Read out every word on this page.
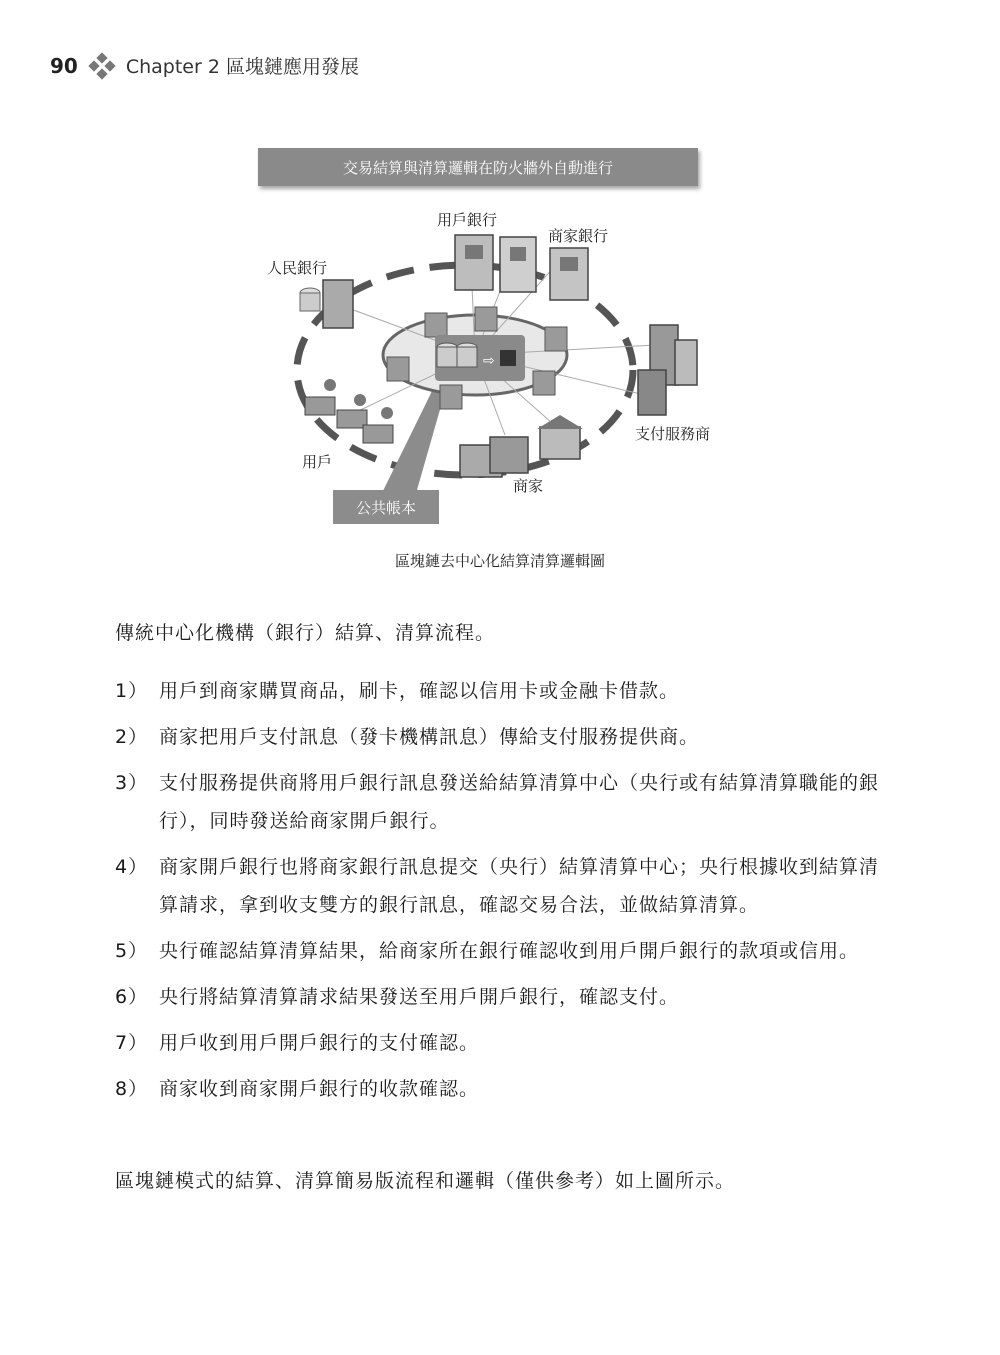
90	Chapter 2 區塊鏈應用發展
⇨
交易結算與清算邏輯在防火牆外自動進行
用戶銀行
商家銀行
人民銀行
支付服務商
用戶
商家
公共帳本
區塊鏈去中心化結算清算邏輯圖
傳統中心化機構（銀行）結算、清算流程。
1） 用戶到商家購買商品，刷卡，確認以信用卡或金融卡借款。
2） 商家把用戶支付訊息（發卡機構訊息）傳給支付服務提供商。
3） 支付服務提供商將用戶銀行訊息發送給結算清算中心（央行或有結算清算職能的銀行），同時發送給商家開戶銀行。
4） 商家開戶銀行也將商家銀行訊息提交（央行）結算清算中心；央行根據收到結算清算請求，拿到收支雙方的銀行訊息，確認交易合法，並做結算清算。
5） 央行確認結算清算結果，給商家所在銀行確認收到用戶開戶銀行的款項或信用。
6） 央行將結算清算請求結果發送至用戶開戶銀行，確認支付。
7） 用戶收到用戶開戶銀行的支付確認。
8） 商家收到商家開戶銀行的收款確認。
區塊鏈模式的結算、清算簡易版流程和邏輯（僅供參考）如上圖所示。
